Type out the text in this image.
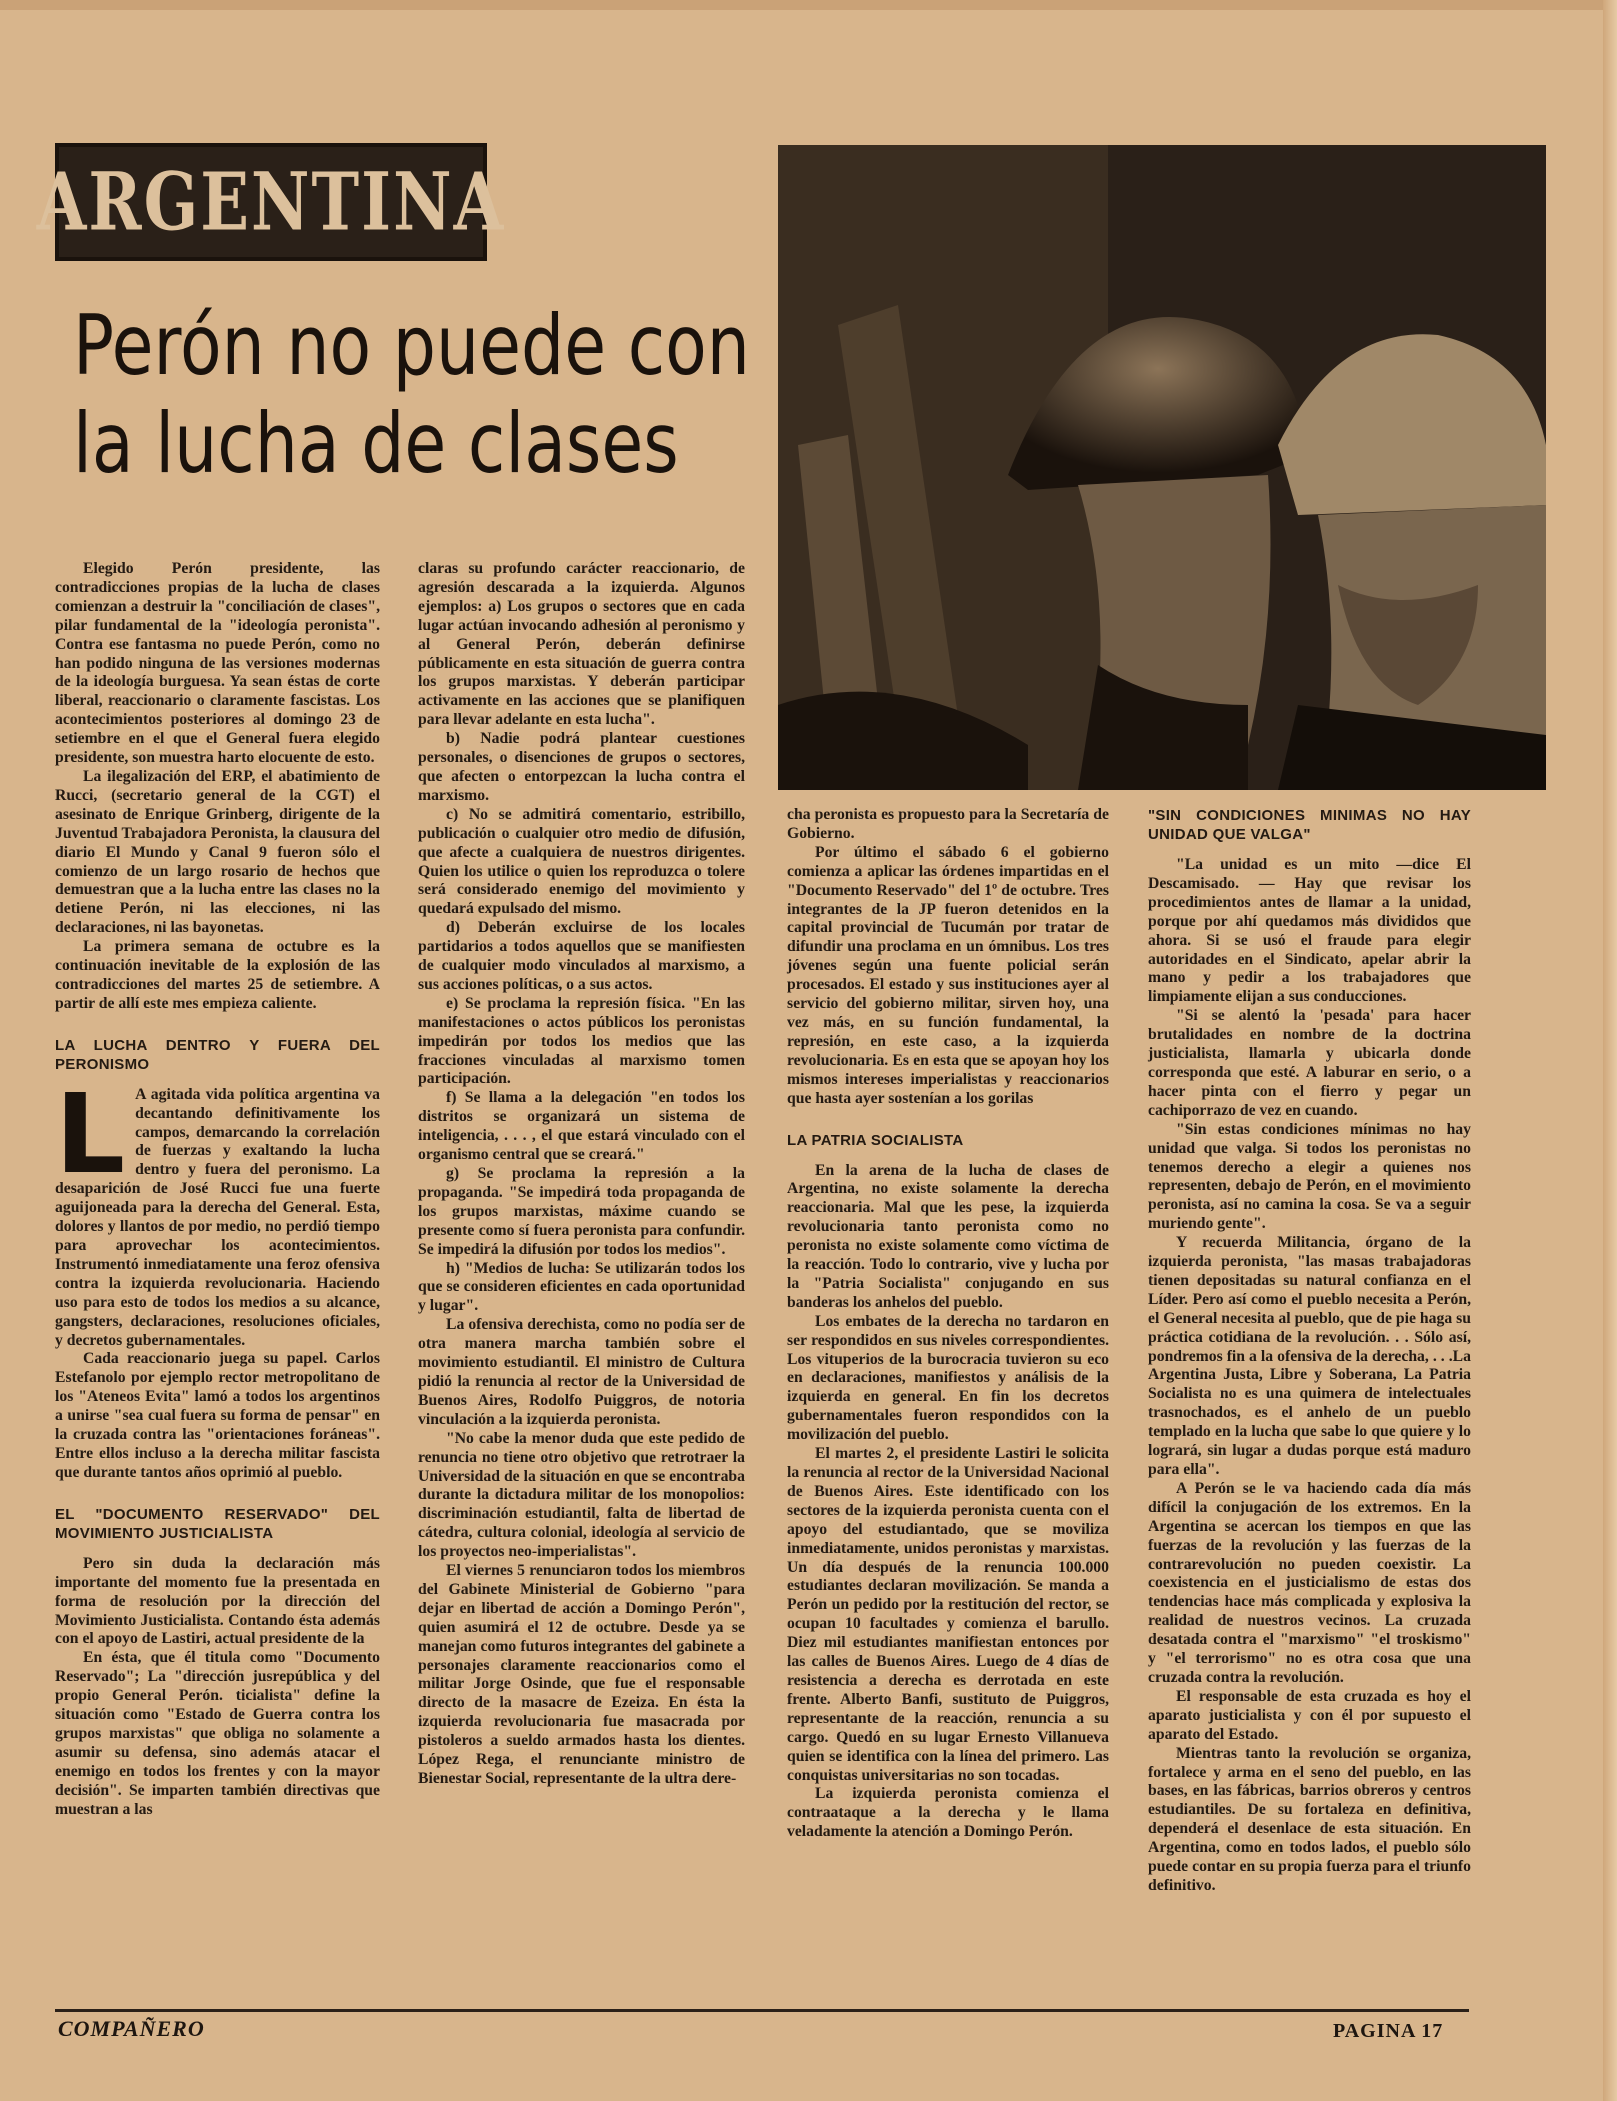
ARGENTINA
Perón no puede con
la lucha de clases

Elegido Perón presidente, las contradicciones propias de la lucha de clases comienzan a destruir la "conciliación de clases", pilar fundamental de la "ideología peronista". Contra ese fantasma no puede Perón, como no han podido ninguna de las versiones modernas de la ideología burguesa. Ya sean éstas de corte liberal, reaccionario o claramente fascistas. Los acontecimientos posteriores al domingo 23 de setiembre en el que el General fuera elegido presidente, son muestra harto elocuente de esto.

La ilegalización del ERP, el abatimiento de Rucci, (secretario general de la CGT) el asesinato de Enrique Grinberg, dirigente de la Juventud Trabajadora Peronista, la clausura del diario El Mundo y Canal 9 fueron sólo el comienzo de un largo rosario de hechos que demuestran que a la lucha entre las clases no la detiene Perón, ni las elecciones, ni las declaraciones, ni las bayonetas.

La primera semana de octubre es la continuación inevitable de la explosión de las contradicciones del martes 25 de setiembre. A partir de allí este mes empieza caliente.

LA LUCHA DENTRO Y FUERA DEL PERONISMO

L A agitada vida política argentina va decantando definitivamente los campos, demarcando la correlación de fuerzas y exaltando la lucha dentro y fuera del peronismo. La desaparición de José Rucci fue una fuerte aguijoneada para la derecha del General. Esta, dolores y llantos de por medio, no perdió tiempo para aprovechar los acontecimientos. Instrumentó inmediatamente una feroz ofensiva contra la izquierda revolucionaria. Haciendo uso para esto de todos los medios a su alcance, gangsters, declaraciones, resoluciones oficiales, y decretos gubernamentales.

Cada reaccionario juega su papel. Carlos Estefanolo por ejemplo rector metropolitano de los "Ateneos Evita" lamó a todos los argentinos a unirse "sea cual fuera su forma de pensar" en la cruzada contra las "orientaciones foráneas". Entre ellos incluso a la derecha militar fascista que durante tantos años oprimió al pueblo.

EL "DOCUMENTO RESERVADO" DEL MOVIMIENTO JUSTICIALISTA

Pero sin duda la declaración más importante del momento fue la presentada en forma de resolución por la dirección del Movimiento Justicialista. Contando ésta además con el apoyo de Lastiri, actual presidente de la

En ésta, que él titula como "Documento Reservado"; La "dirección jusrepública y del propio General Perón. ticialista" define la situación como "Estado de Guerra contra los grupos marxistas" que obliga no solamente a asumir su defensa, sino además atacar el enemigo en todos los frentes y con la mayor decisión". Se imparten también directivas que muestran a las

claras su profundo carácter reaccionario, de agresión descarada a la izquierda. Algunos ejemplos: a) Los grupos o sectores que en cada lugar actúan invocando adhesión al peronismo y al General Perón, deberán definirse públicamente en esta situación de guerra contra los grupos marxistas. Y deberán participar activamente en las acciones que se planifiquen para llevar adelante en esta lucha".

b) Nadie podrá plantear cuestiones personales, o disenciones de grupos o sectores, que afecten o entorpezcan la lucha contra el marxismo.

c) No se admitirá comentario, estribillo, publicación o cualquier otro medio de difusión, que afecte a cualquiera de nuestros dirigentes. Quien los utilice o quien los reproduzca o tolere será considerado enemigo del movimiento y quedará expulsado del mismo.

d) Deberán excluirse de los locales partidarios a todos aquellos que se manifiesten de cualquier modo vinculados al marxismo, a sus acciones políticas, o a sus actos.

e) Se proclama la represión física. "En las manifestaciones o actos públicos los peronistas impedirán por todos los medios que las fracciones vinculadas al marxismo tomen participación.

f) Se llama a la delegación "en todos los distritos se organizará un sistema de inteligencia, . . . , el que estará vinculado con el organismo central que se creará."

g) Se proclama la represión a la propaganda. "Se impedirá toda propaganda de los grupos marxistas, máxime cuando se presente como sí fuera peronista para confundir. Se impedirá la difusión por todos los medios".

h) "Medios de lucha: Se utilizarán todos los que se consideren eficientes en cada oportunidad y lugar".

La ofensiva derechista, como no podía ser de otra manera marcha también sobre el movimiento estudiantil. El ministro de Cultura pidió la renuncia al rector de la Universidad de Buenos Aires, Rodolfo Puiggros, de notoria vinculación a la izquierda peronista.

"No cabe la menor duda que este pedido de renuncia no tiene otro objetivo que retrotraer la Universidad de la situación en que se encontraba durante la dictadura militar de los monopolios: discriminación estudiantil, falta de libertad de cátedra, cultura colonial, ideología al servicio de los proyectos neo-imperialistas".

El viernes 5 renunciaron todos los miembros del Gabinete Ministerial de Gobierno "para dejar en libertad de acción a Domingo Perón", quien asumirá el 12 de octubre. Desde ya se manejan como futuros integrantes del gabinete a personajes claramente reaccionarios como el militar Jorge Osinde, que fue el responsable directo de la masacre de Ezeiza. En ésta la izquierda revolucionaria fue masacrada por pistoleros a sueldo armados hasta los dientes. López Rega, el renunciante ministro de Bienestar Social, representante de la ultra dere-

cha peronista es propuesto para la Secretaría de Gobierno.

Por último el sábado 6 el gobierno comienza a aplicar las órdenes impartidas en el "Documento Reservado" del 1º de octubre. Tres integrantes de la JP fueron detenidos en la capital provincial de Tucumán por tratar de difundir una proclama en un ómnibus. Los tres jóvenes según una fuente policial serán procesados. El estado y sus instituciones ayer al servicio del gobierno militar, sirven hoy, una vez más, en su función fundamental, la represión, en este caso, a la izquierda revolucionaria. Es en esta que se apoyan hoy los mismos intereses imperialistas y reaccionarios que hasta ayer sostenían a los gorilas

LA PATRIA SOCIALISTA

En la arena de la lucha de clases de Argentina, no existe solamente la derecha reaccionaria. Mal que les pese, la izquierda revolucionaria tanto peronista como no peronista no existe solamente como víctima de la reacción. Todo lo contrario, vive y lucha por la "Patria Socialista" conjugando en sus banderas los anhelos del pueblo.

Los embates de la derecha no tardaron en ser respondidos en sus niveles correspondientes. Los vituperios de la burocracia tuvieron su eco en declaraciones, manifiestos y análisis de la izquierda en general. En fin los decretos gubernamentales fueron respondidos con la movilización del pueblo.

El martes 2, el presidente Lastiri le solicita la renuncia al rector de la Universidad Nacional de Buenos Aires. Este identificado con los sectores de la izquierda peronista cuenta con el apoyo del estudiantado, que se moviliza inmediatamente, unidos peronistas y marxistas. Un día después de la renuncia 100.000 estudiantes declaran movilización. Se manda a Perón un pedido por la restitución del rector, se ocupan 10 facultades y comienza el barullo. Diez mil estudiantes manifiestan entonces por las calles de Buenos Aires. Luego de 4 días de resistencia a derecha es derrotada en este frente. Alberto Banfi, sustituto de Puiggros, representante de la reacción, renuncia a su cargo. Quedó en su lugar Ernesto Villanueva quien se identifica con la línea del primero. Las conquistas universitarias no son tocadas.

La izquierda peronista comienza el contraataque a la derecha y le llama veladamente la atención a Domingo Perón.

"SIN CONDICIONES MINIMAS NO HAY UNIDAD QUE VALGA"

"La unidad es un mito —dice El Descamisado. — Hay que revisar los procedimientos antes de llamar a la unidad, porque por ahí quedamos más divididos que ahora. Si se usó el fraude para elegir autoridades en el Sindicato, apelar abrir la mano y pedir a los trabajadores que limpiamente elijan a sus conducciones.

"Si se alentó la 'pesada' para hacer brutalidades en nombre de la doctrina justicialista, llamarla y ubicarla donde corresponda que esté. A laburar en serio, o a hacer pinta con el fierro y pegar un cachiporrazo de vez en cuando.

"Sin estas condiciones mínimas no hay unidad que valga. Si todos los peronistas no tenemos derecho a elegir a quienes nos representen, debajo de Perón, en el movimiento peronista, así no camina la cosa. Se va a seguir muriendo gente".

Y recuerda Militancia, órgano de la izquierda peronista, "las masas trabajadoras tienen depositadas su natural confianza en el Líder. Pero así como el pueblo necesita a Perón, el General necesita al pueblo, que de pie haga su práctica cotidiana de la revolución. . . Sólo así, pondremos fin a la ofensiva de la derecha, . . .La Argentina Justa, Libre y Soberana, La Patria Socialista no es una quimera de intelectuales trasnochados, es el anhelo de un pueblo templado en la lucha que sabe lo que quiere y lo logrará, sin lugar a dudas porque está maduro para ella".

A Perón se le va haciendo cada día más difícil la conjugación de los extremos. En la Argentina se acercan los tiempos en que las fuerzas de la revolución y las fuerzas de la contrarevolución no pueden coexistir. La coexistencia en el justicialismo de estas dos tendencias hace más complicada y explosiva la realidad de nuestros vecinos. La cruzada desatada contra el "marxismo" "el troskismo" y "el terrorismo" no es otra cosa que una cruzada contra la revolución.

El responsable de esta cruzada es hoy el aparato justicialista y con él por supuesto el aparato del Estado.

Mientras tanto la revolución se organiza, fortalece y arma en el seno del pueblo, en las bases, en las fábricas, barrios obreros y centros estudiantiles. De su fortaleza en definitiva, dependerá el desenlace de esta situación. En Argentina, como en todos lados, el pueblo sólo puede contar en su propia fuerza para el triunfo definitivo.

COMPAÑERO	PAGINA 17
